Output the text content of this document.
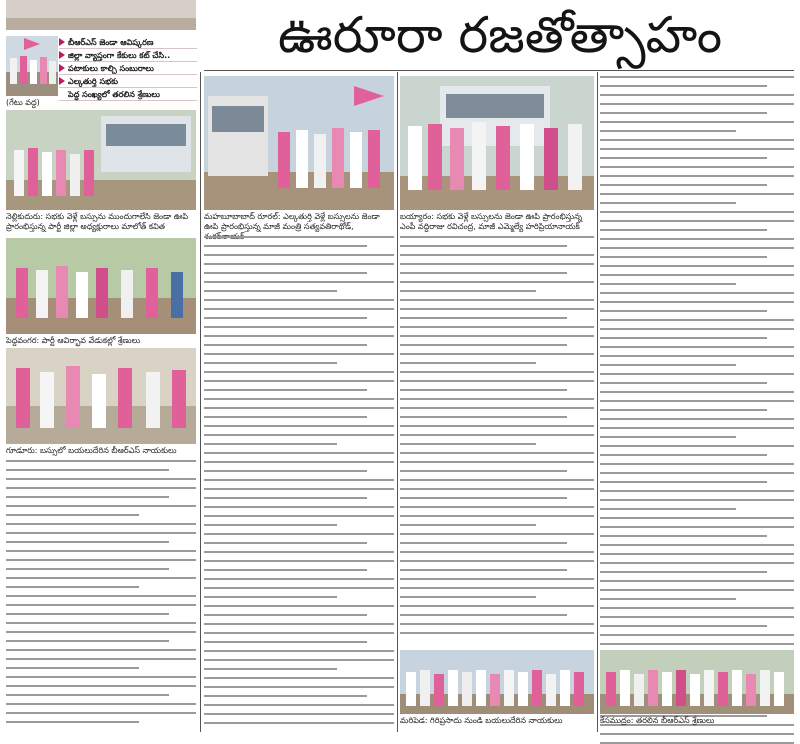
ఊరూరా రజతోత్సాహం
బీఆర్ఎస్ జెండా ఆవిష్కరణ
జిల్లా వ్యాప్తంగా కేకులు కట్ చేసి..
పటాకులు కాల్చి సంబురాలు
ఎల్కతుర్తి సభకు
పెద్ద సంఖ్యలో తరలిన శ్రేణులు
(గేటు వద్ద)
నెల్లికుదురు: సభకు వెళ్లే బస్సును ముందుగాలేసి జెండా ఊపి ప్రారంభిస్తున్న పార్టీ జిల్లా అధ్యక్షురాలు మాలోత్ కవిత
పెద్దవంగర: పార్టీ ఆవిర్భావ వేడుకల్లో శ్రేణులు
గూడూరు: బస్సులో బయలుదేరిన బీఆర్ఎస్ నాయకులు
మహబూబాబాద్ రూరల్: ఎల్కతుర్తి వెళ్లే బస్సులను జెండా ఊపి ప్రారంభిస్తున్న మాజీ మంత్రి సత్యవతిరాథోడ్,
బయ్యారం: సభకు వెళ్లే బస్సులను జెండా ఊపి ప్రారంభిస్తున్న ఎంపీ వద్దిరాజు రవిచంద్ర, మాజీ ఎమ్మెల్యే హరిప్రియానాయక్
మరిపెడ: గిరిప్రసాదు నుండి బయలుదేరిన నాయకులు	కేసముద్రం: తరలిన బీఆర్ఎస్ శ్రేణులు
